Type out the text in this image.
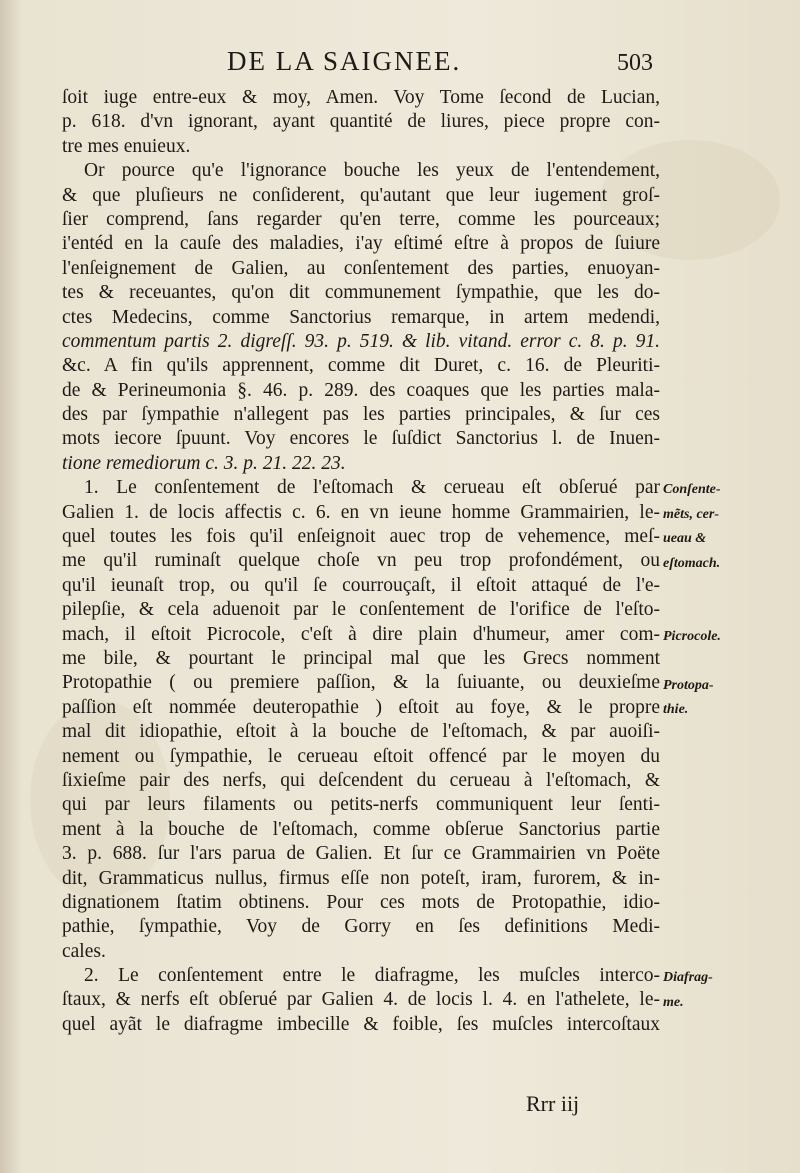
DE LA SAIGNEE.	503
ſoit iuge entre-eux & moy, Amen. Voy Tome ſecond de Lucian,
p. 618. d'vn ignorant, ayant quantité de liures, piece propre con-
tre mes enuieux.
Or pource qu'e l'ignorance bouche les yeux de l'entendement,
& que pluſieurs ne conſiderent, qu'autant que leur iugement groſ-
ſier comprend, ſans regarder qu'en terre, comme les pourceaux;
i'entéd en la cauſe des maladies, i'ay eſtimé eſtre à propos de ſuiure
l'enſeignement de Galien, au conſentement des parties, enuoyan-
tes & receuantes, qu'on dit communement ſympathie, que les do-
ctes Medecins, comme Sanctorius remarque, in artem medendi,
commentum partis 2. digreſſ. 93. p. 519. & lib. vitand. error c. 8. p. 91.
&c. A fin qu'ils apprennent, comme dit Duret, c. 16. de Pleuriti-
de & Perineumonia §. 46. p. 289. des coaques que les parties mala-
des par ſympathie n'allegent pas les parties principales, & ſur ces
mots iecore ſpuunt. Voy encores le ſuſdict Sanctorius l. de Inuen-
tione remediorum c. 3. p. 21. 22. 23.
1. Le conſentement de l'eſtomach & cerueau eſt obſerué par
Galien 1. de locis affectis c. 6. en vn ieune homme Grammairien, le-
quel toutes les fois qu'il enſeignoit auec trop de vehemence, meſ-
me qu'il ruminaſt quelque choſe vn peu trop profondément, ou
qu'il ieunaſt trop, ou qu'il ſe courrouçaſt, il eſtoit attaqué de l'e-
pilepſie, & cela aduenoit par le conſentement de l'orifice de l'eſto-
mach, il eſtoit Picrocole, c'eſt à dire plain d'humeur, amer com-
me bile, & pourtant le principal mal que les Grecs nomment
Protopathie ( ou premiere paſſion, & la ſuiuante, ou deuxieſme
paſſion eſt nommée deuteropathie ) eſtoit au foye, & le propre
mal dit idiopathie, eſtoit à la bouche de l'eſtomach, & par auoiſi-
nement ou ſympathie, le cerueau eſtoit offencé par le moyen du
ſixieſme pair des nerfs, qui deſcendent du cerueau à l'eſtomach, &
qui par leurs filaments ou petits-nerfs communiquent leur ſenti-
ment à la bouche de l'eſtomach, comme obſerue Sanctorius partie
3. p. 688. ſur l'ars parua de Galien. Et ſur ce Grammairien vn Poëte
dit, Grammaticus nullus, firmus eſſe non poteſt, iram, furorem, & in-
dignationem ſtatim obtinens. Pour ces mots de Protopathie, idio-
pathie, ſympathie, Voy de Gorry en ſes definitions Medi-
cales.
2. Le conſentement entre le diafragme, les muſcles interco-
ſtaux, & nerfs eſt obſerué par Galien 4. de locis l. 4. en l'athelete, le-
quel ayãt le diafragme imbecille & foible, ſes muſcles intercoſtaux
Conſente-
mẽts, cer-
ueau &
eſtomach.
Picrocole.
Protopa-
thie.
Diafrag-
me.
Rrr iij
